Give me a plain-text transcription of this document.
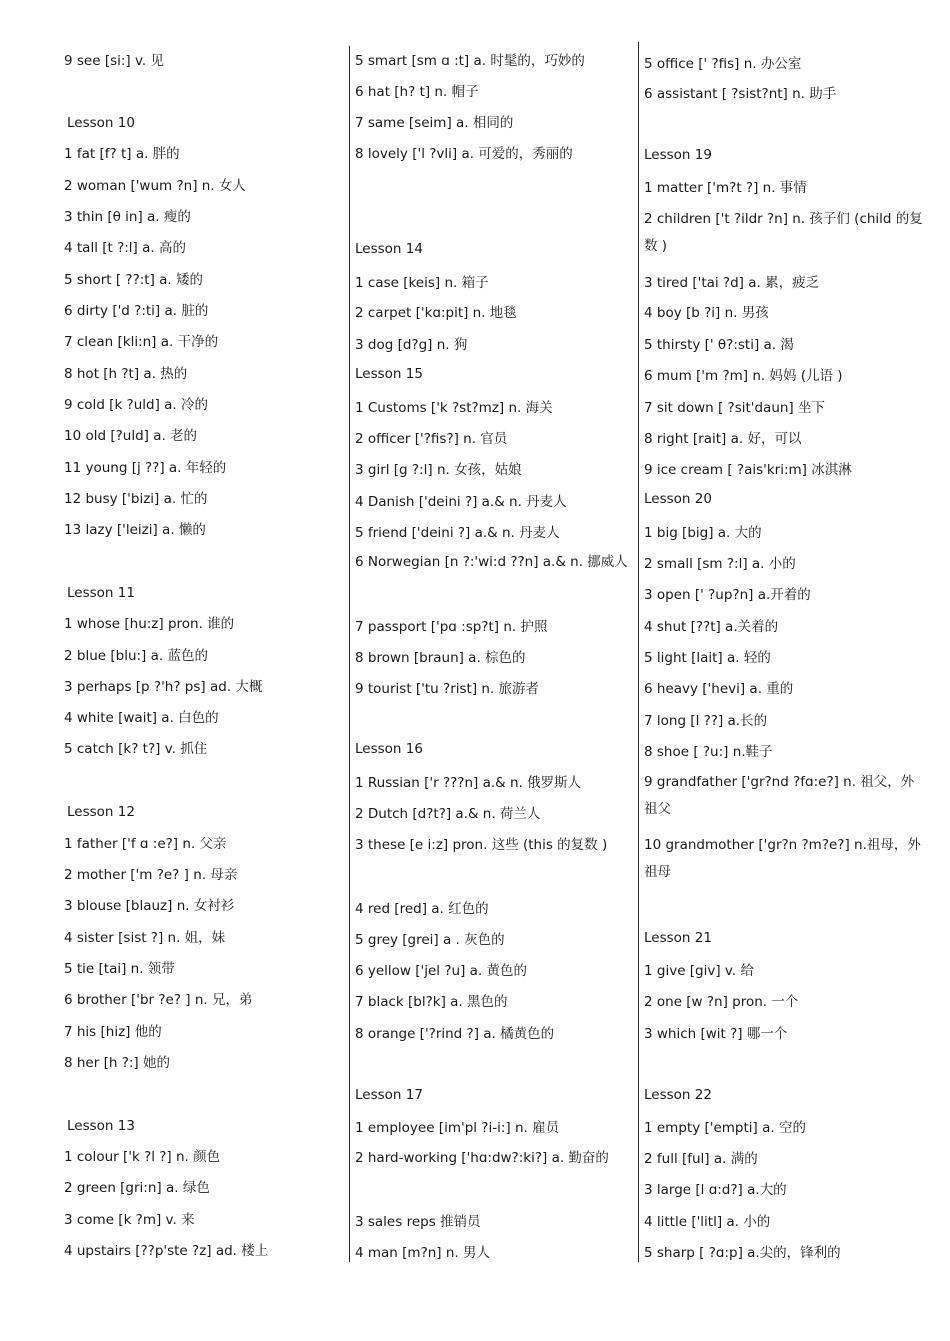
9 see [si:] v. 见
Lesson 10
1 fat [f? t] a. 胖的
2 woman ['wum ?n] n. 女人
3 thin [θ in] a. 瘦的
4 tall [t ?:l] a. 高的
5 short [ ??:t] a. 矮的
6 dirty ['d ?:ti] a. 脏的
7 clean [kli:n] a. 干净的
8 hot [h ?t] a. 热的
9 cold [k ?uld] a. 冷的
10 old [?uld] a. 老的
11 young [j ??] a. 年轻的
12 busy ['bizi] a. 忙的
13 lazy ['leizi] a. 懒的
Lesson 11
1 whose [hu:z] pron. 谁的
2 blue [blu:] a. 蓝色的
3 perhaps [p ?'h? ps] ad. 大概
4 white [wait] a. 白色的
5 catch [k? t?] v. 抓住
Lesson 12
1 father ['f ɑ :e?] n. 父亲
2 mother ['m ?e? ] n. 母亲
3 blouse [blauz] n. 女衬衫
4 sister [sist ?] n. 姐，妹
5 tie [tai] n. 领带
6 brother ['br ?e? ] n. 兄，弟
7 his [hiz] 他的
8 her [h ?:] 她的
Lesson 13
1 colour ['k ?l ?] n. 颜色
2 green [gri:n] a. 绿色
3 come [k ?m] v. 来
4 upstairs [??p'ste ?z] ad. 楼上
5 smart [sm ɑ :t] a. 时髦的，巧妙的
6 hat [h? t] n. 帽子
7 same [seim] a. 相同的
8 lovely ['l ?vli] a. 可爱的，秀丽的
Lesson 14
1 case [keis] n. 箱子
2 carpet ['kɑ:pit] n. 地毯
3 dog [d?g] n. 狗
Lesson 15
1 Customs ['k ?st?mz] n. 海关
2 officer ['?fis?] n. 官员
3 girl [g ?:l] n. 女孩，姑娘
4 Danish ['deini ?] a.& n. 丹麦人
5 friend ['deini ?] a.& n. 丹麦人
6 Norwegian [n ?:'wi:d ??n] a.& n. 挪威人
7 passport ['pɑ :sp?t] n. 护照
8 brown [braun] a. 棕色的
9 tourist ['tu ?rist] n. 旅游者
Lesson 16
1 Russian ['r ???n] a.& n. 俄罗斯人
2 Dutch [d?t?] a.& n. 荷兰人
3 these [e i:z] pron. 这些 (this 的复数 )
4 red [red] a. 红色的
5 grey [grei] a . 灰色的
6 yellow ['jel ?u] a. 黄色的
7 black [bl?k] a. 黑色的
8 orange ['?rind ?] a. 橘黄色的
Lesson 17
1 employee [im'pl ?i-i:] n. 雇员
2 hard-working ['hɑ:dw?:ki?] a. 勤奋的
3 sales reps 推销员
4 man [m?n] n. 男人
5 office [' ?fis] n. 办公室
6 assistant [ ?sist?nt] n. 助手
Lesson 19
1 matter ['m?t ?] n. 事情
2 children ['t ?ildr ?n] n. 孩子们 (child 的复数 )
3 tired ['tai ?d] a. 累，疲乏
4 boy [b ?i] n. 男孩
5 thirsty [' θ?:sti] a. 渴
6 mum ['m ?m] n. 妈妈 (儿语 )
7 sit down [ ?sit'daun] 坐下
8 right [rait] a. 好，可以
9 ice cream [ ?ais'kri:m] 冰淇淋
Lesson 20
1 big [big] a. 大的
2 small [sm ?:l] a. 小的
3 open [' ?up?n] a.开着的
4 shut [??t] a.关着的
5 light [lait] a. 轻的
6 heavy ['hevi] a. 重的
7 long [l ??] a.长的
8 shoe [ ?u:] n.鞋子
9 grandfather ['gr?nd ?fɑ:e?] n. 祖父，外祖父
10 grandmother ['gr?n ?m?e?] n.祖母，外祖母
Lesson 21
1 give [giv] v. 给
2 one [w ?n] pron. 一个
3 which [wit ?] 哪一个
Lesson 22
1 empty ['empti] a. 空的
2 full [ful] a. 满的
3 large [l ɑ:d?] a.大的
4 little ['litl] a. 小的
5 sharp [ ?ɑ:p] a.尖的，锋利的
